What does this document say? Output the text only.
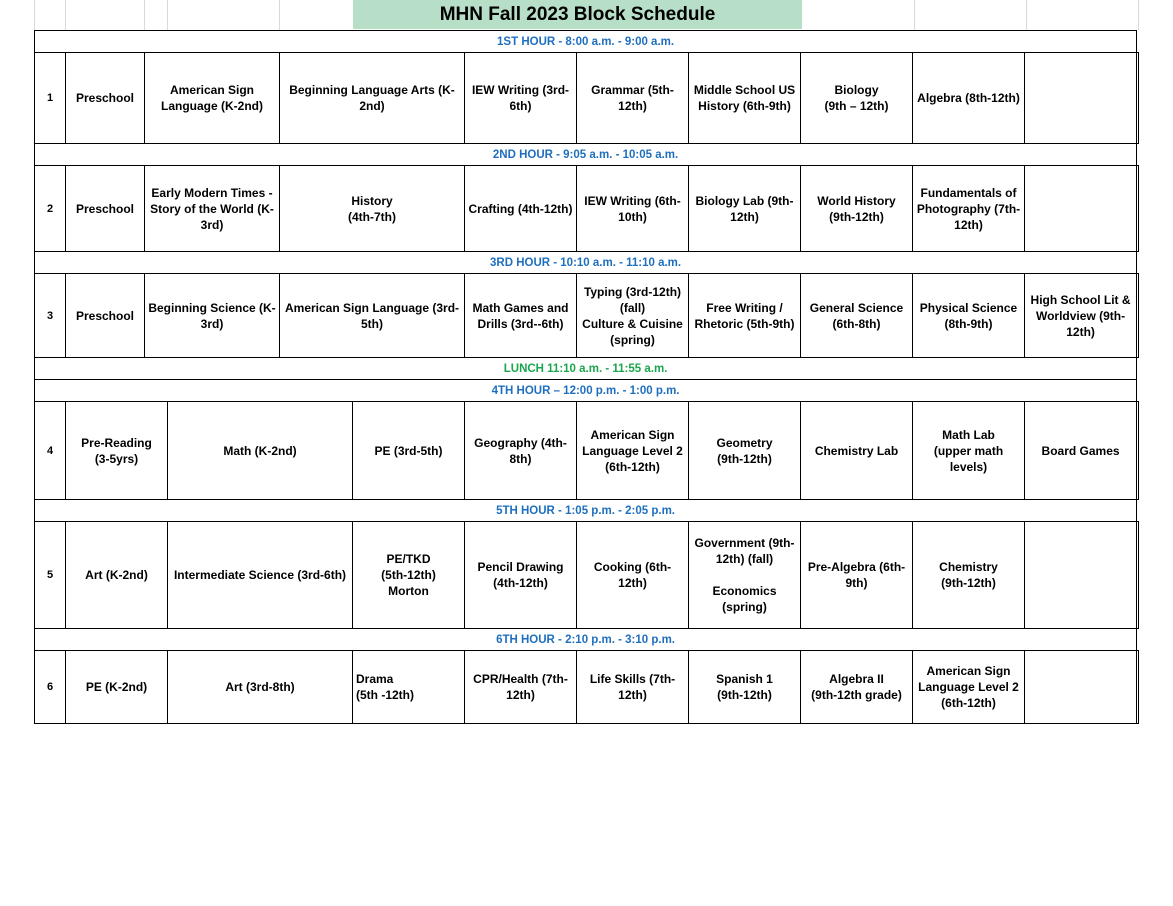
MHN Fall 2023 Block Schedule
1ST HOUR - 8:00 a.m. - 9:00 a.m.												
1	Preschool	American Sign Language (K-2nd)		Beginning Language Arts (K-2nd)		IEW Writing (3rd-6th)	Grammar (5th-12th)	Middle School US History (6th-9th)	Biology
(9th – 12th)	Algebra (8th-12th)		
2ND HOUR - 9:05 a.m. - 10:05 a.m.												
2	Preschool	Early Modern Times - Story of the World (K-3rd)		History
(4th-7th)		Crafting (4th-12th)	IEW Writing (6th-10th)	Biology Lab (9th-12th)	World History (9th-12th)	Fundamentals of Photography (7th-12th)		
3RD HOUR - 10:10 a.m. - 11:10 a.m.												
3	Preschool	Beginning Science (K-3rd)		American Sign Language (3rd-5th)		Math Games and Drills (3rd--6th)	Typing (3rd-12th) (fall)
Culture & Cuisine (spring)	Free Writing / Rhetoric (5th-9th)	General Science (6th-8th)	Physical Science (8th-9th)	High School Lit & Worldview (9th-12th)	
LUNCH 11:10 a.m. - 11:55 a.m.												
4TH HOUR – 12:00 p.m. - 1:00 p.m.												
4	Pre-Reading
(3-5yrs)		Math (K-2nd)		PE (3rd-5th)	Geography (4th-8th)	American Sign Language Level 2 (6th-12th)	Geometry
(9th-12th)	Chemistry Lab	Math Lab
(upper math levels)	Board Games	
5TH HOUR - 1:05 p.m. - 2:05 p.m.												
5	Art (K-2nd)		Intermediate Science (3rd-6th)		PE/TKD
(5th-12th)
Morton	Pencil Drawing (4th-12th)	Cooking (6th-12th)	Government (9th-12th) (fall)

Economics
(spring)	Pre-Algebra (6th-9th)	Chemistry
(9th-12th)		
6TH HOUR - 2:10 p.m. - 3:10 p.m.												
6	PE (K-2nd)		Art (3rd-8th)		Drama
(5th -12th)	CPR/Health (7th-12th)	Life Skills (7th-12th)	Spanish 1
(9th-12th)	Algebra II
(9th-12th grade)	American Sign Language Level 2 (6th-12th)		
